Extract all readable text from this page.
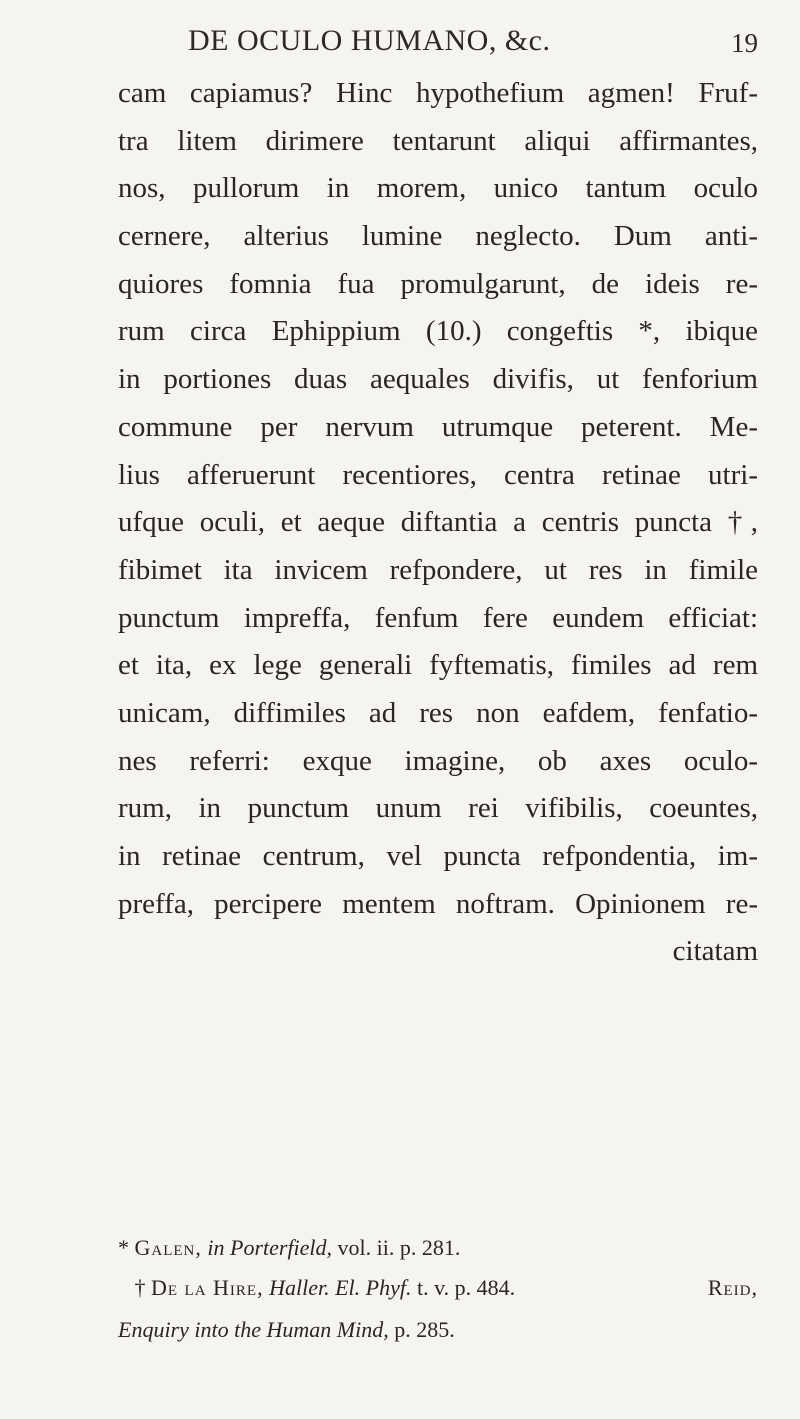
DE OCULO HUMANO, &c.	19
cam capiamus? Hinc hypothefium agmen! Fruf-
tra litem dirimere tentarunt aliqui affirmantes,
nos, pullorum in morem, unico tantum oculo
cernere, alterius lumine neglecto. Dum anti-
quiores fomnia fua promulgarunt, de ideis re-
rum circa Ephippium (10.) congeftis *, ibique
in portiones duas aequales divifis, ut fenforium
commune per nervum utrumque peterent. Me-
lius afferuerunt recentiores, centra retinae utri-
ufque oculi, et aeque diftantia a centris puncta †,
fibimet ita invicem refpondere, ut res in fimile
punctum impreffa, fenfum fere eundem efficiat:
et ita, ex lege generali fyftematis, fimiles ad rem
unicam, diffimiles ad res non eafdem, fenfatio-
nes referri: exque imagine, ob axes oculo-
rum, in punctum unum rei vifibilis, coeuntes,
in retinae centrum, vel puncta refpondentia, im-
preffa, percipere mentem noftram. Opinionem re-
citatam
* Galen, in Porterfield, vol. ii. p. 281.
† De la Hire, Haller. El. Phyf. t. v. p. 484.	Reid,
Enquiry into the Human Mind, p. 285.
